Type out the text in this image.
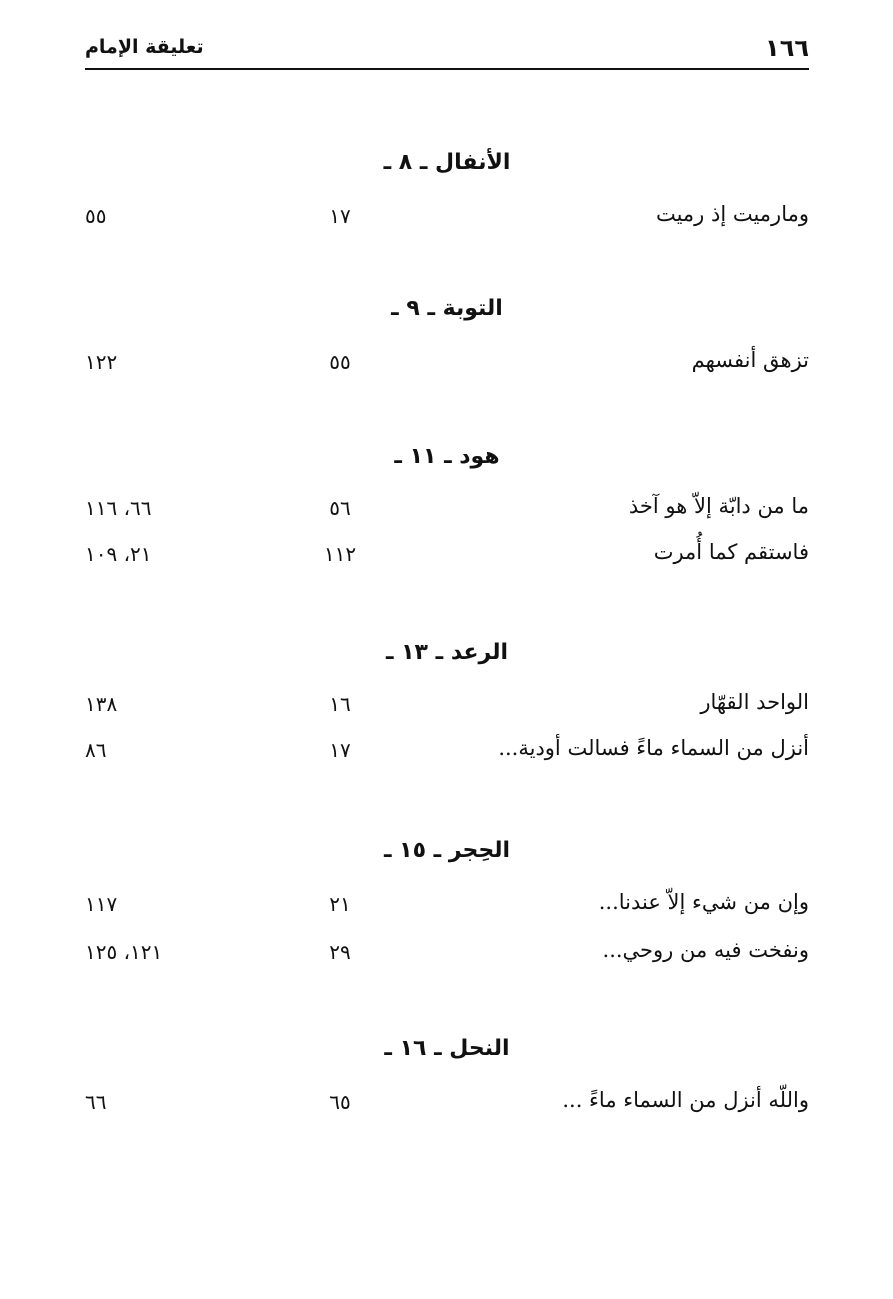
١٦٦
تعليقة الإمام
الأنفال ـ ٨ ـ
ومارميت إذ رميت
١٧
٥٥
التوبة ـ ٩ ـ
تزهق أنفسهم
٥٥
١٢٢
هود ـ ١١ ـ
ما من دابّة إلاّ هو آخذ
٥٦
٦٦، ١١٦
فاستقم كما أُمرت
١١٢
٢١، ١٠٩
الرعد ـ ١٣ ـ
الواحد القهّار
١٦
١٣٨
أنزل من السماء ماءً فسالت أودية...
١٧
٨٦
الحِجر ـ ١٥ ـ
وإن من شيء إلاّ عندنا...
٢١
١١٧
ونفخت فيه من روحي...
٢٩
١٢١، ١٢٥
النحل ـ ١٦ ـ
واللّه أنزل من السماء ماءً ...
٦٥
٦٦
